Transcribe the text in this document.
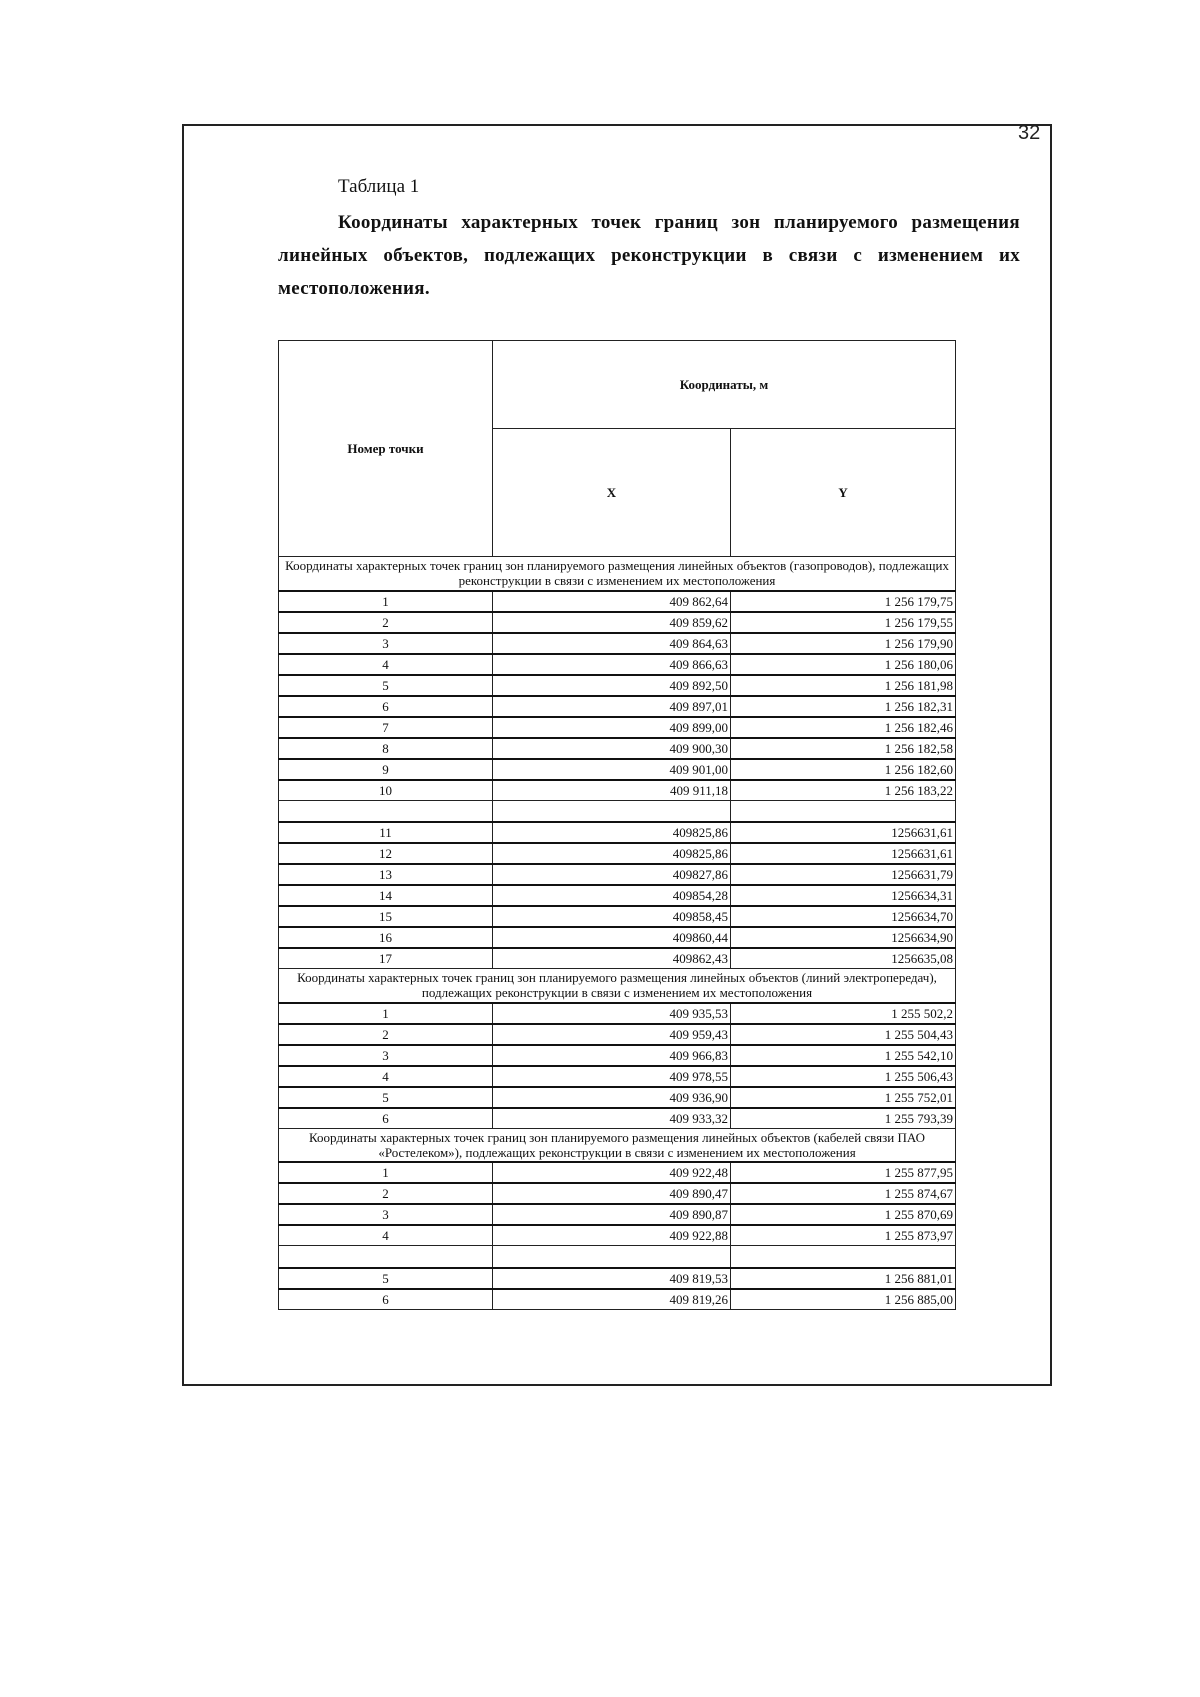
32
Таблица 1
Координаты характерных точек границ зон планируемого размещения линейных объектов, подлежащих реконструкции в связи с изменением их местоположения.
Номер точки	Координаты, м	
	X	Y
Координаты характерных точек границ зон планируемого размещения линейных объектов (газопроводов), подлежащих реконструкции в связи с изменением их местоположения		
1	409 862,64	1 256 179,75
2	409 859,62	1 256 179,55
3	409 864,63	1 256 179,90
4	409 866,63	1 256 180,06
5	409 892,50	1 256 181,98
6	409 897,01	1 256 182,31
7	409 899,00	1 256 182,46
8	409 900,30	1 256 182,58
9	409 901,00	1 256 182,60
10	409 911,18	1 256 183,22

11	409825,86	1256631,61
12	409825,86	1256631,61
13	409827,86	1256631,79
14	409854,28	1256634,31
15	409858,45	1256634,70
16	409860,44	1256634,90
17	409862,43	1256635,08
Координаты характерных точек границ зон планируемого размещения линейных объектов (линий электропередач), подлежащих реконструкции в связи с изменением их местоположения		
1	409 935,53	1 255 502,2
2	409 959,43	1 255 504,43
3	409 966,83	1 255 542,10
4	409 978,55	1 255 506,43
5	409 936,90	1 255 752,01
6	409 933,32	1 255 793,39
Координаты характерных точек границ зон планируемого размещения линейных объектов (кабелей связи ПАО «Ростелеком»), подлежащих реконструкции в связи с изменением их местоположения		
1	409 922,48	1 255 877,95
2	409 890,47	1 255 874,67
3	409 890,87	1 255 870,69
4	409 922,88	1 255 873,97

5	409 819,53	1 256 881,01
6	409 819,26	1 256 885,00
